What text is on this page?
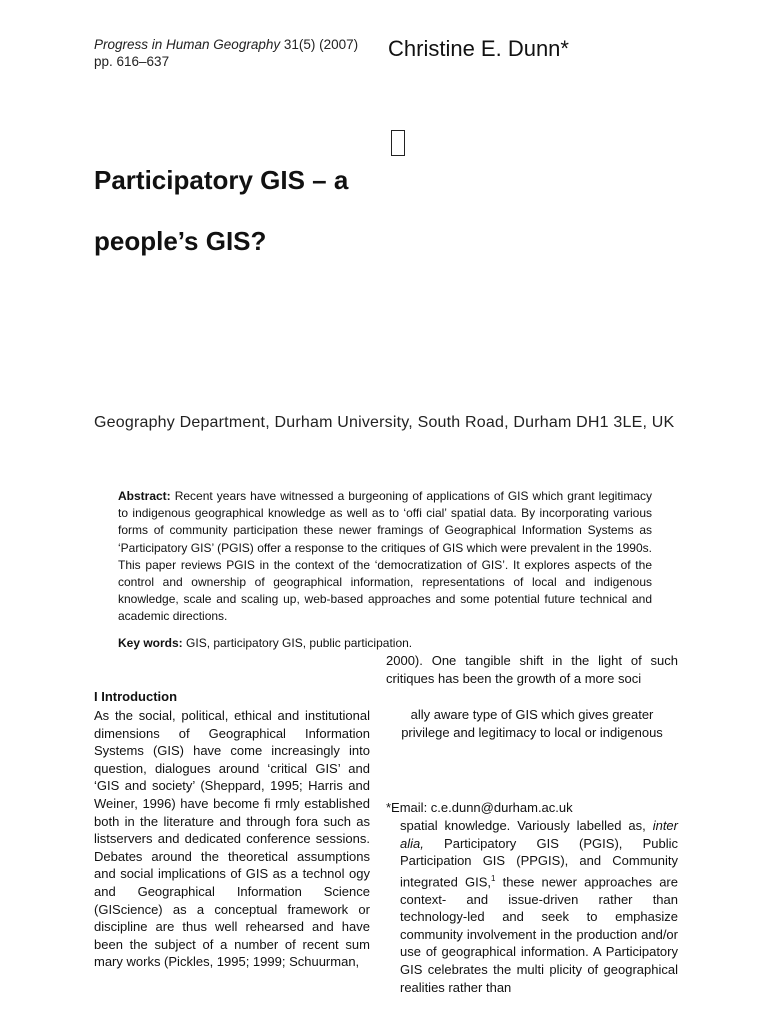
Progress in Human Geography 31(5) (2007)
pp. 616–637
Christine E. Dunn*
Participatory GIS – a
people’s GIS?
Geography Department, Durham University, South Road, Durham DH1 3LE, UK
Abstract: Recent years have witnessed a burgeoning of applications of GIS which grant legitimacy to indigenous geographical knowledge as well as to ‘offi cial’ spatial data. By incorporating various forms of community participation these newer framings of Geographical Information Systems as ‘Participatory GIS’ (PGIS) offer a response to the critiques of GIS which were prevalent in the 1990s. This paper reviews PGIS in the context of the ‘democratization of GIS’. It explores aspects of the control and ownership of geographical information, representations of local and indigenous knowledge, scale and scaling up, web-based approaches and some potential future technical and academic directions.
Key words: GIS, participatory GIS, public participation.
2000). One tangible shift in the light of such critiques has been the growth of a more soci
ally aware type of GIS which gives greater privilege and legitimacy to local or indigenous
*Email: c.e.dunn@durham.ac.uk
spatial knowledge. Variously labelled as, inter alia, Participatory GIS (PGIS), Public Participation GIS (PPGIS), and Community integrated GIS,$^1$ these newer approaches are context- and issue-driven rather than technology-led and seek to emphasize community involvement in the production and/or use of geographical information. A Participatory GIS celebrates the multi plicity of geographical realities rather than
I Introduction
As the social, political, ethical and institutional dimensions of Geographical Information Systems (GIS) have come increasingly into question, dialogues around ‘critical GIS’ and ‘GIS and society’ (Sheppard, 1995; Harris and Weiner, 1996) have become fi rmly established both in the literature and through fora such as listservers and dedicated conference sessions. Debates around the theoretical assumptions and social implications of GIS as a technol ogy and Geographical Information Science (GIScience) as a conceptual framework or discipline are thus well rehearsed and have been the subject of a number of recent sum mary works (Pickles, 1995; 1999; Schuurman,
